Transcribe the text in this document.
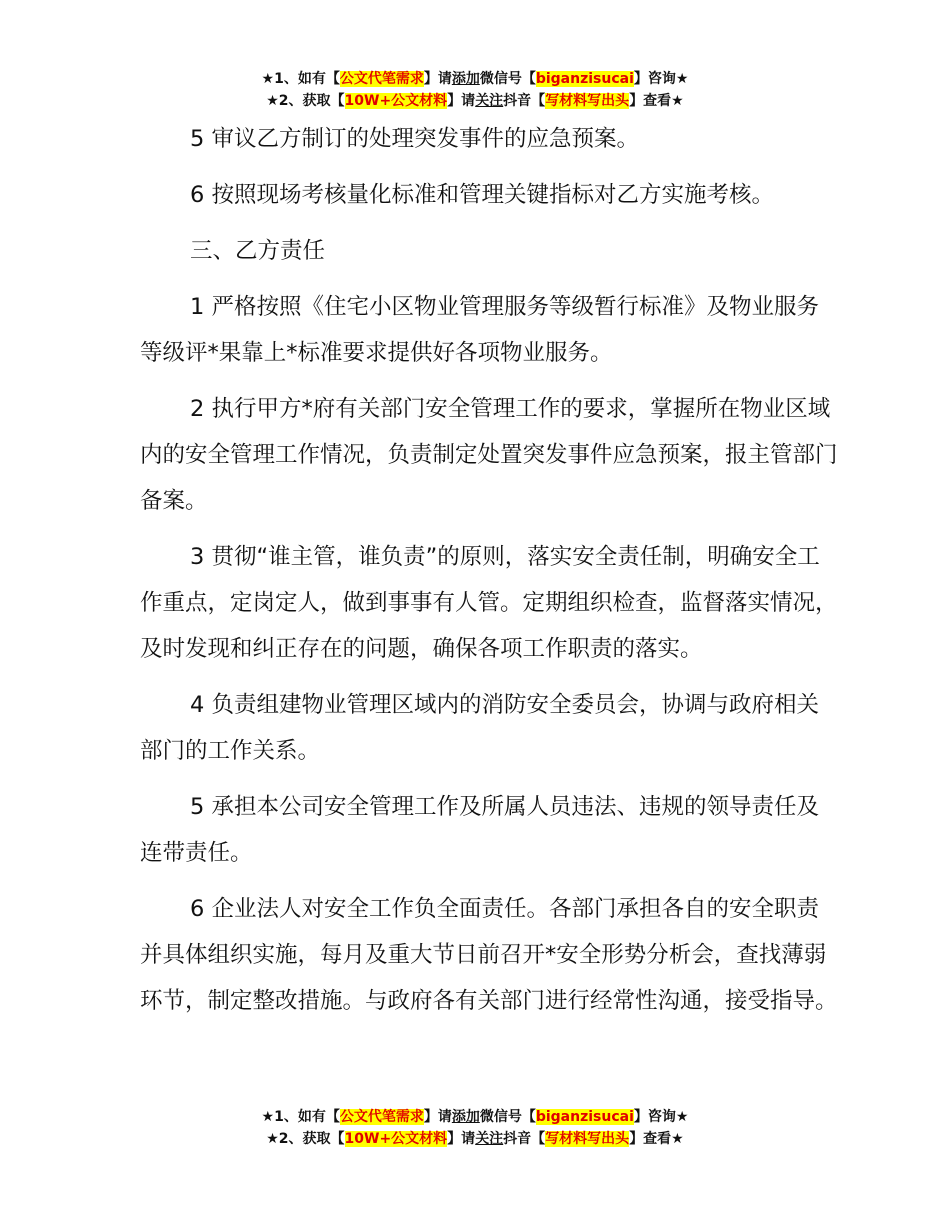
★1、如有【公文代笔需求】请添加微信号【biganzisucai】咨询★
★2、获取【10W+公文材料】请关注抖音【写材料写出头】查看★

5 审议乙方制订的处理突发事件的应急预案。

6 按照现场考核量化标准和管理关键指标对乙方实施考核。

三、乙方责任

1 严格按照《住宅小区物业管理服务等级暂行标准》及物业服务等级评*果靠上*标准要求提供好各项物业服务。

2 执行甲方*府有关部门安全管理工作的要求，掌握所在物业区域内的安全管理工作情况，负责制定处置突发事件应急预案，报主管部门备案。

3 贯彻“谁主管，谁负责”的原则，落实安全责任制，明确安全工作重点，定岗定人，做到事事有人管。定期组织检查，监督落实情况，及时发现和纠正存在的问题，确保各项工作职责的落实。

4 负责组建物业管理区域内的消防安全委员会，协调与政府相关部门的工作关系。

5 承担本公司安全管理工作及所属人员违法、违规的领导责任及连带责任。

6 企业法人对安全工作负全面责任。各部门承担各自的安全职责并具体组织实施，每月及重大节日前召开*安全形势分析会，查找薄弱环节，制定整改措施。与政府各有关部门进行经常性沟通，接受指导。

★1、如有【公文代笔需求】请添加微信号【biganzisucai】咨询★
★2、获取【10W+公文材料】请关注抖音【写材料写出头】查看★
